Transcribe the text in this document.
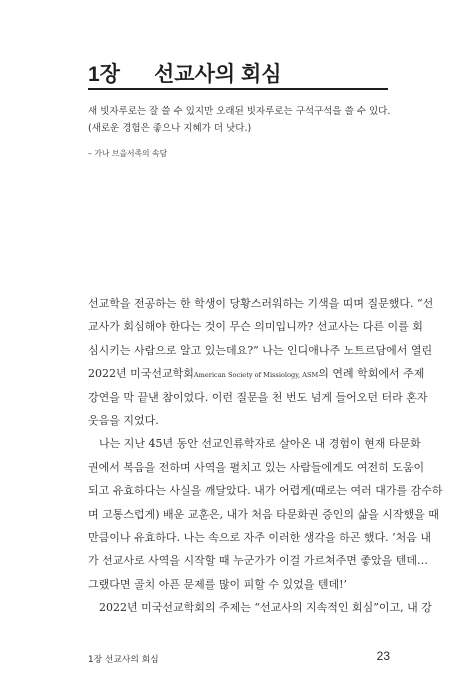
1장 선교사의 회심
새 빗자루로는 잘 쓸 수 있지만 오래된 빗자루로는 구석구석을 쓸 수 있다.
(새로운 경험은 좋으나 지혜가 더 낫다.)
– 가나 브을서족의 속담
선교학을 전공하는 한 학생이 당황스러워하는 기색을 띠며 질문했다. “선
교사가 회심해야 한다는 것이 무슨 의미입니까? 선교사는 다른 이를 회
심시키는 사람으로 알고 있는데요?” 나는 인디애나주 노트르담에서 열린
2022년 미국선교학회American Society of Missiology, ASM의 연례 학회에서 주제
강연을 막 끝낸 참이었다. 이런 질문을 천 번도 넘게 들어오던 터라 혼자
웃음을 지었다.
나는 지난 45년 동안 선교인류학자로 살아온 내 경험이 현재 타문화
권에서 복음을 전하며 사역을 펼치고 있는 사람들에게도 여전히 도움이
되고 유효하다는 사실을 깨달았다. 내가 어렵게(때로는 여러 대가를 감수하
며 고통스럽게) 배운 교훈은, 내가 처음 타문화권 증인의 삶을 시작했을 때
만큼이나 유효하다. 나는 속으로 자주 이러한 생각을 하곤 했다. ‘처음 내
가 선교사로 사역을 시작할 때 누군가가 이걸 가르쳐주면 좋았을 텐데…
그랬다면 골치 아픈 문제를 많이 피할 수 있었을 텐데!’
2022년 미국선교학회의 주제는 “선교사의 지속적인 회심”이고, 내 강
1장 선교사의 회심	23
